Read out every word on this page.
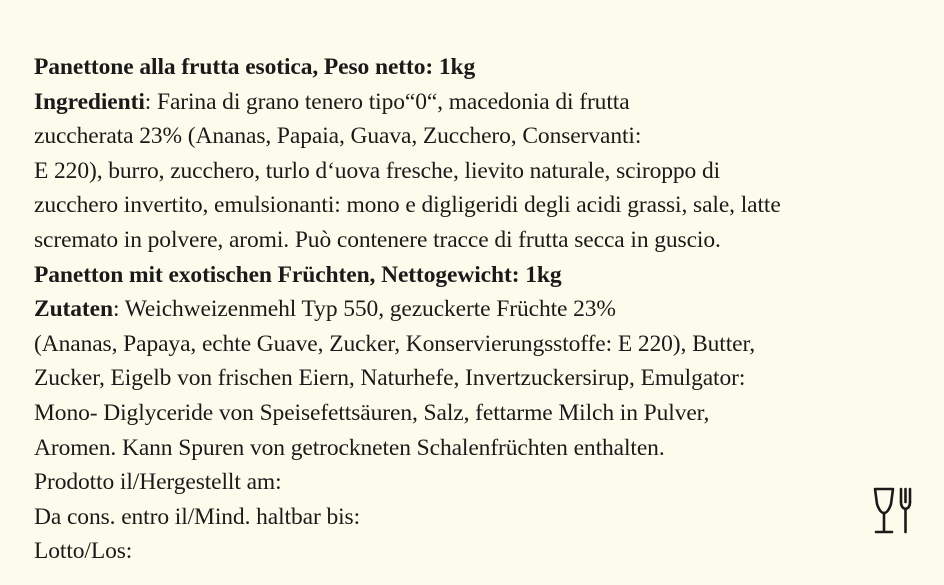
Panettone alla frutta esotica, Peso netto: 1kg
Ingredienti: Farina di grano tenero tipo“0“, macedonia di frutta
zuccherata 23% (Ananas, Papaia, Guava, Zucchero, Conservanti:
E 220), burro, zucchero, turlo d‘uova fresche, lievito naturale, sciroppo di
zucchero invertito, emulsionanti: mono e digligeridi degli acidi grassi, sale, latte
scremato in polvere, aromi. Può contenere tracce di frutta secca in guscio.
Panetton mit exotischen Früchten, Nettogewicht: 1kg
Zutaten: Weichweizenmehl Typ 550, gezuckerte Früchte 23%
(Ananas, Papaya, echte Guave, Zucker, Konservierungsstoffe: E 220), Butter,
Zucker, Eigelb von frischen Eiern, Naturhefe, Invertzuckersirup, Emulgator:
Mono- Diglyceride von Speisefettsäuren, Salz, fettarme Milch in Pulver,
Aromen. Kann Spuren von getrockneten Schalenfrüchten enthalten.
Prodotto il/Hergestellt am:
Da cons. entro il/Mind. haltbar bis:
Lotto/Los:
